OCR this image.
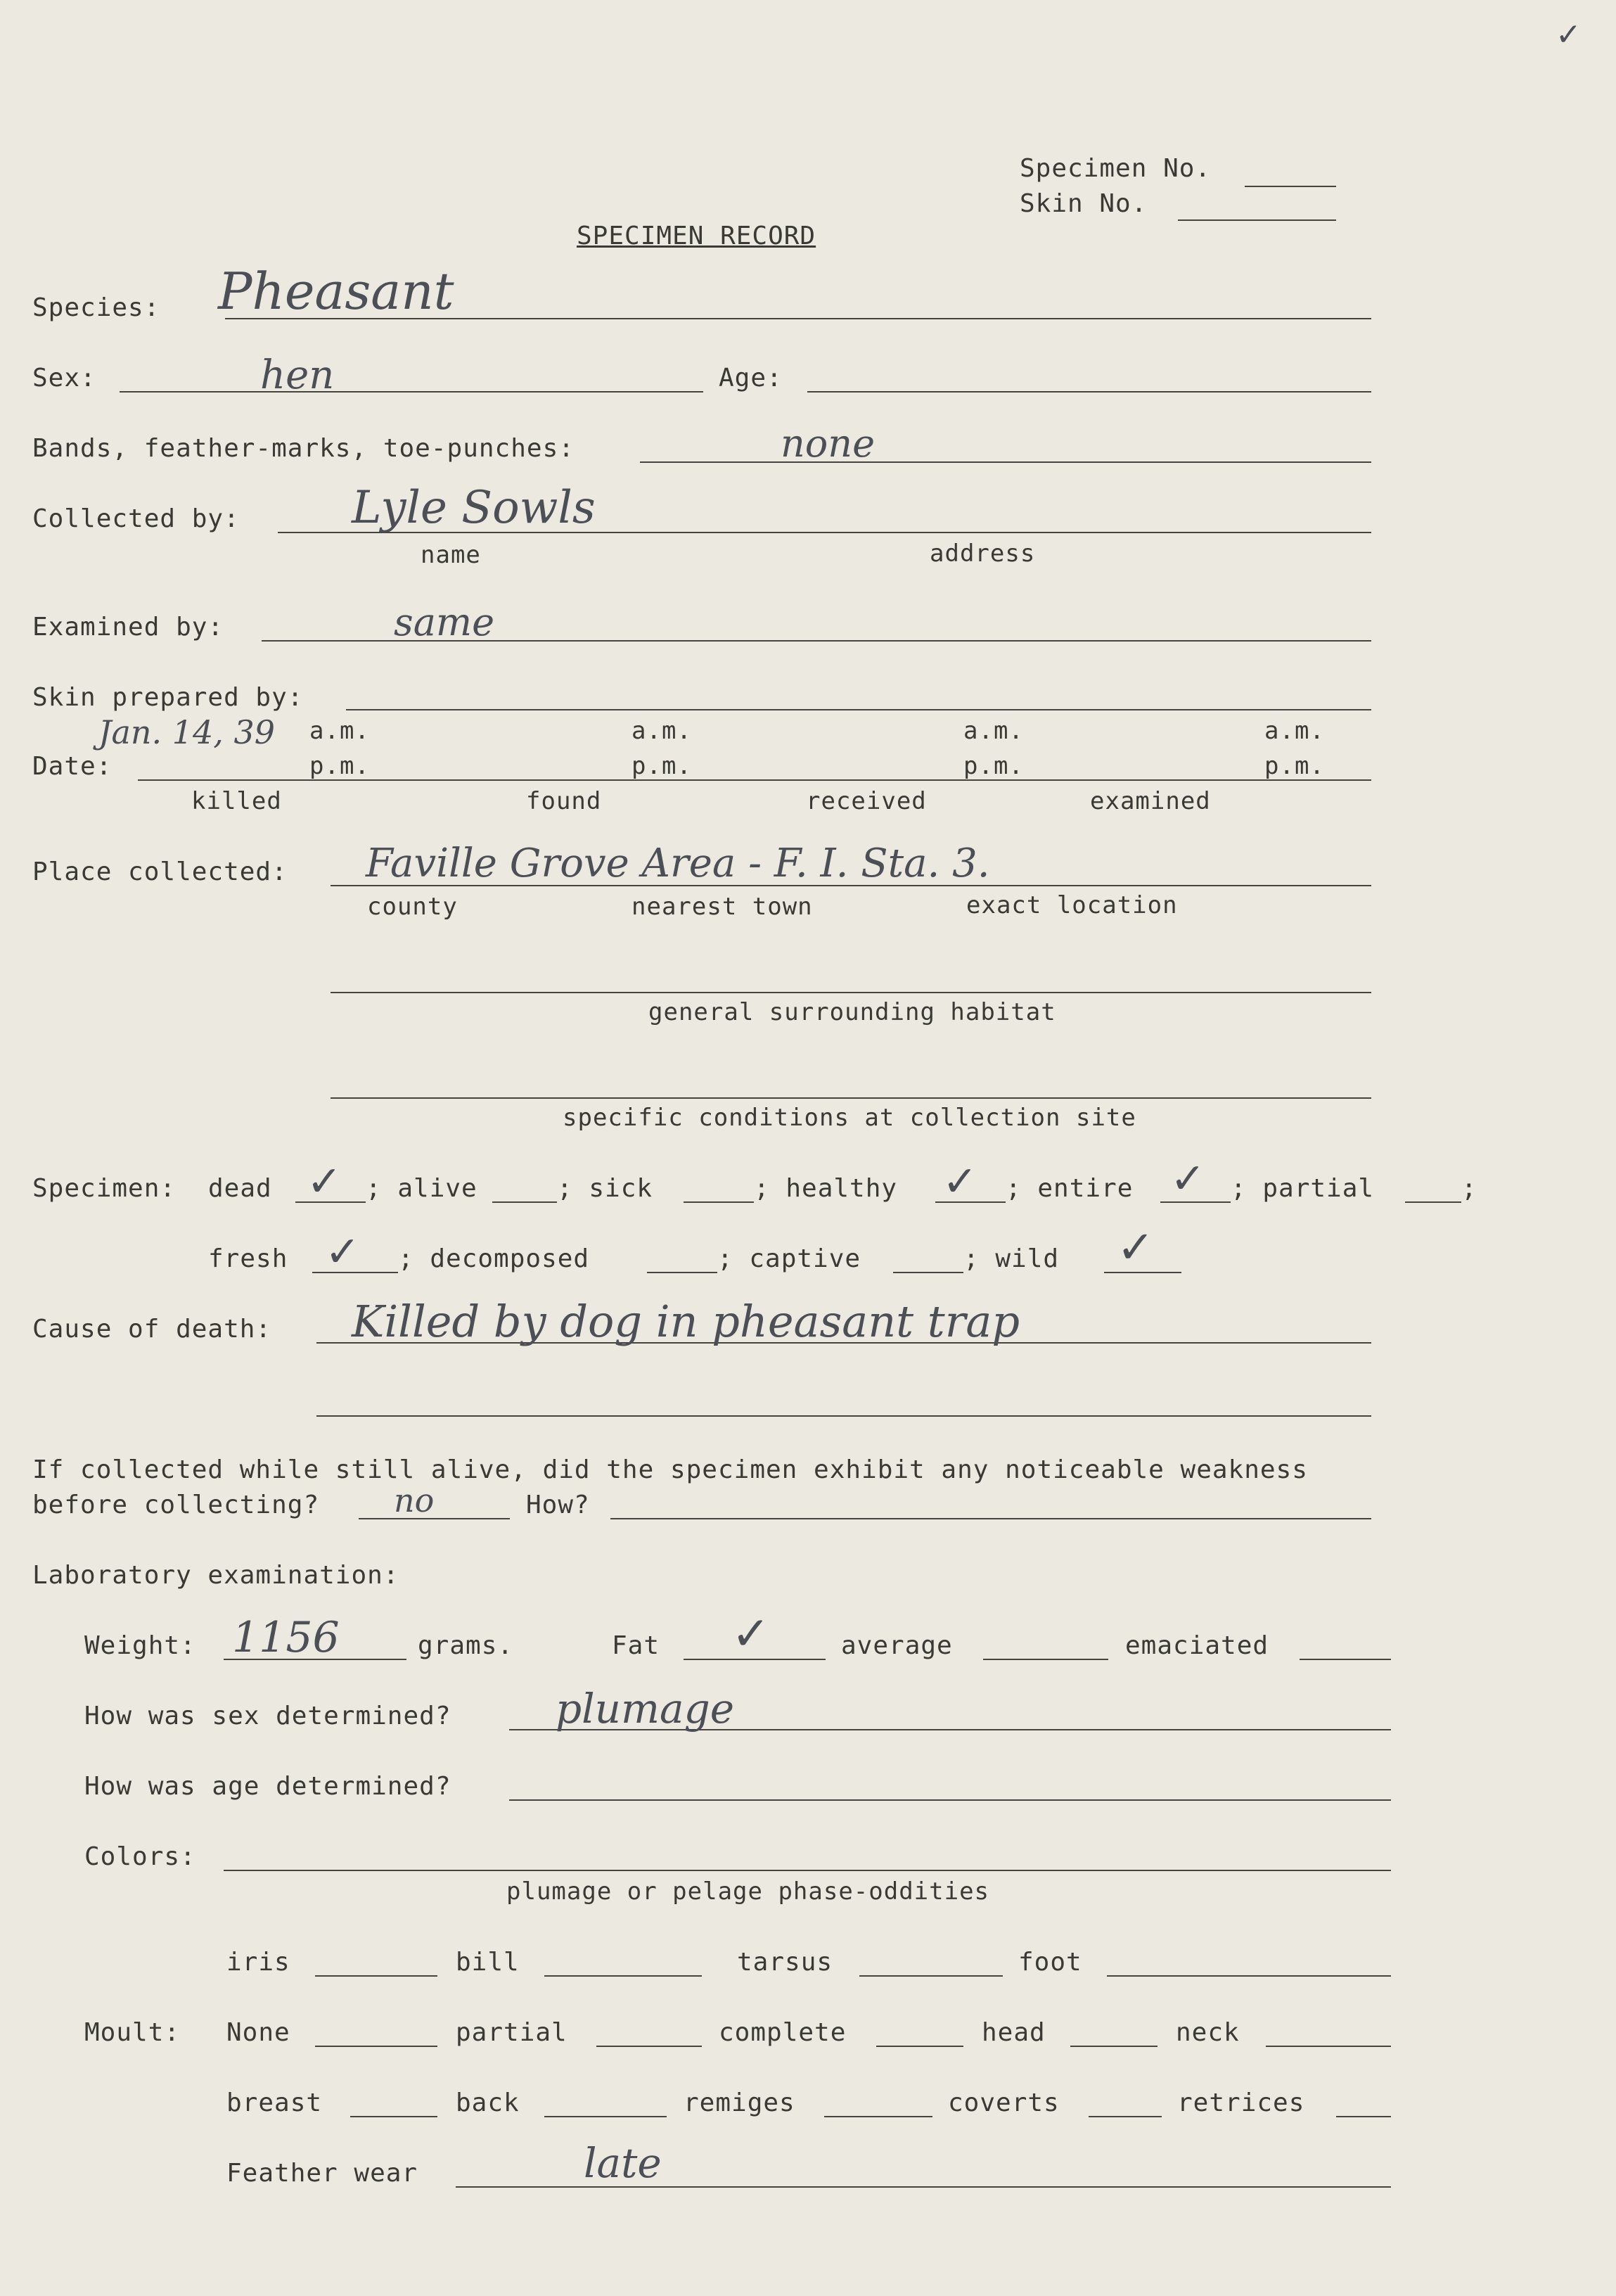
✓
Specimen No.
Skin No.
SPECIMEN RECORD
Species: Pheasant
Sex:	hen	Age:
Bands, feather-marks, toe-punches:	none
Collected by: Lyle Sowls
name	address
Examined by:	same
Skin prepared by:
Jan. 14, 39 a.m.	a.m.	a.m.	a.m.
Date:	p.m.	p.m.	p.m.	p.m.
killed	found	received	examined
Place collected: Faville Grove Area - F. I. Sta. 3.
county	nearest town	exact location
general surrounding habitat
specific conditions at collection site
Specimen: dead ✓ ; alive	; sick	; healthy ✓ ; entire ✓ ; partial	;
fresh ✓ ; decomposed	; captive	; wild ✓
Cause of death: Killed by dog in pheasant trap
If collected while still alive, did the specimen exhibit any noticeable weakness
before collecting? no	How?
Laboratory examination:
Weight: 1156	grams.	Fat ✓	average	emaciated
How was sex determined?	plumage
How was age determined?
Colors:
plumage or pelage phase-oddities
iris	bill	tarsus	foot
Moult: None	partial	complete	head	neck
breast	back	remiges	coverts	retrices
Feather wear	late
